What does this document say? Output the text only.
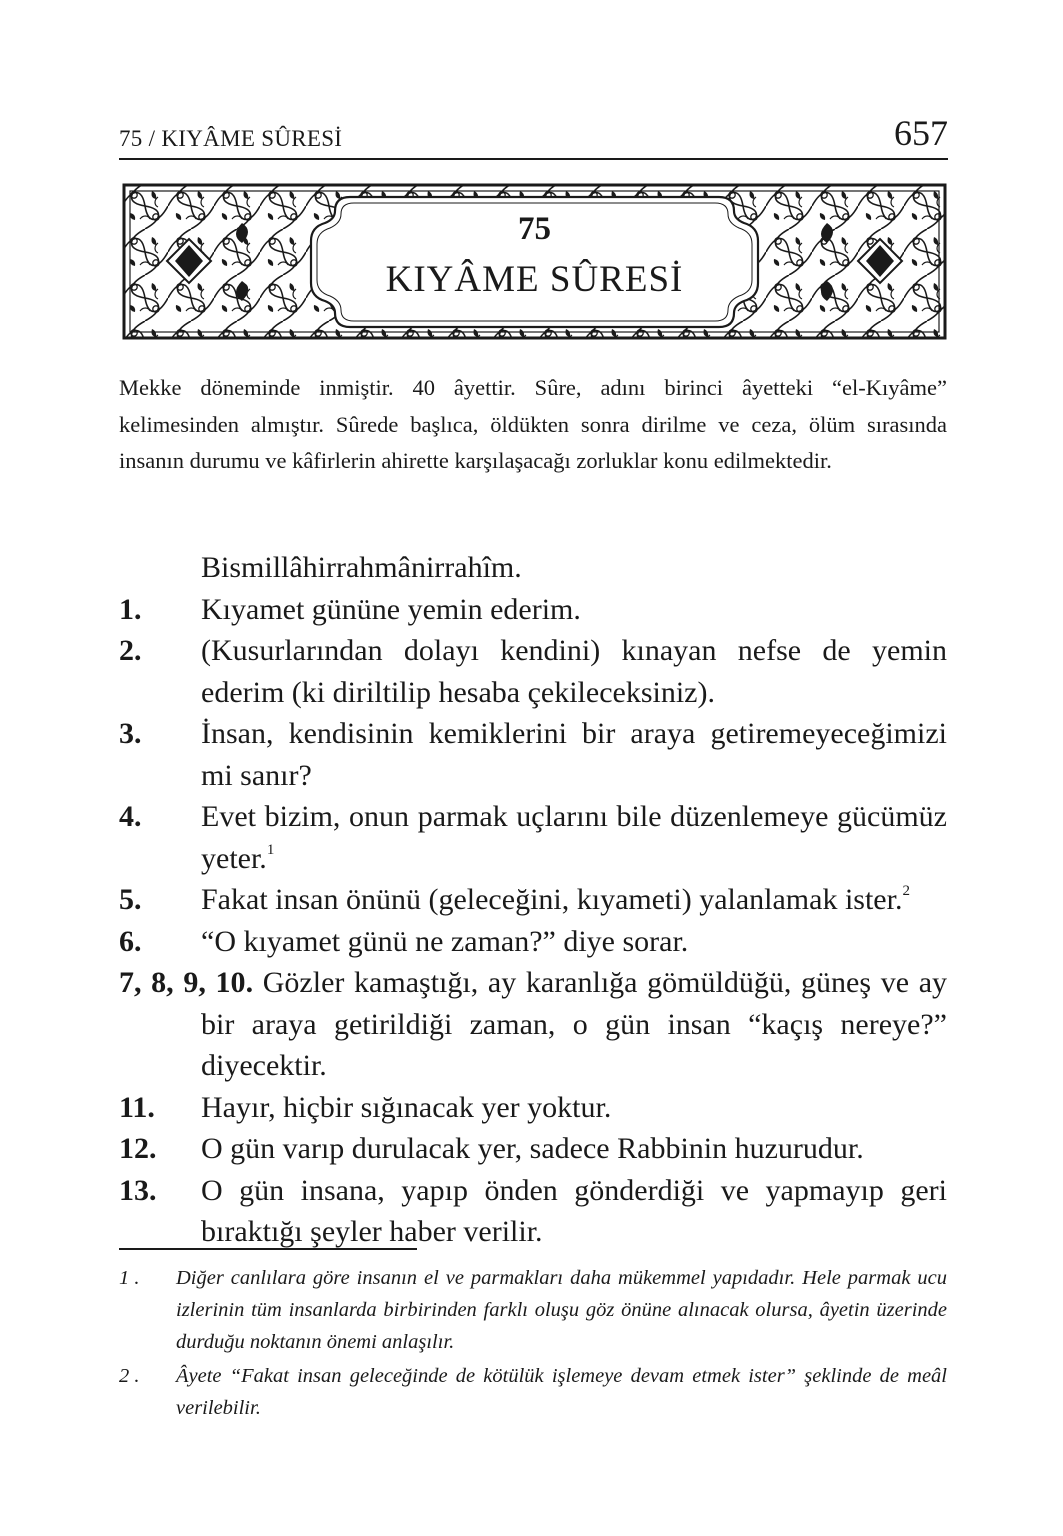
75 / KIYÂME SÛRESİ	657
75
KIYÂME SÛRESİ
Mekke döneminde inmiştir. 40 âyettir. Sûre, adını birinci âyetteki “el-Kıyâme” kelimesinden almıştır. Sûrede başlıca, öldükten sonra dirilme ve ceza, ölüm sırasında insanın durumu ve kâfirlerin ahirette karşılaşacağı zorluklar konu edilmektedir.
Bismillâhirrahmânirrahîm.
1. Kıyamet gününe yemin ederim.
2. (Kusurlarından dolayı kendini) kınayan nefse de yemin ederim (ki diriltilip hesaba çekileceksiniz).
3. İnsan, kendisinin kemiklerini bir araya getiremeyeceğimizi mi sanır?
4. Evet bizim, onun parmak uçlarını bile düzenlemeye gücümüz yeter.$^1$
5. Fakat insan önünü (geleceğini, kıyameti) yalanlamak ister.$^2$
6. “O kıyamet günü ne zaman?” diye sorar.
7, 8, 9, 10. Gözler kamaştığı, ay karanlığa gömüldüğü, güneş ve ay bir araya getirildiği zaman, o gün insan “kaçış nereye?” diyecektir.
11. Hayır, hiçbir sığınacak yer yoktur.
12. O gün varıp durulacak yer, sadece Rabbinin huzurudur.
13. O gün insana, yapıp önden gönderdiği ve yapmayıp geri bıraktığı şeyler haber verilir.
1 . Diğer canlılara göre insanın el ve parmakları daha mükemmel yapıdadır. Hele parmak ucu izlerinin tüm insanlarda birbirinden farklı oluşu göz önüne alınacak olursa, âyetin üzerinde durduğu noktanın önemi anlaşılır.
2 . Âyete “Fakat insan geleceğinde de kötülük işlemeye devam etmek ister” şeklinde de meâl verilebilir.
